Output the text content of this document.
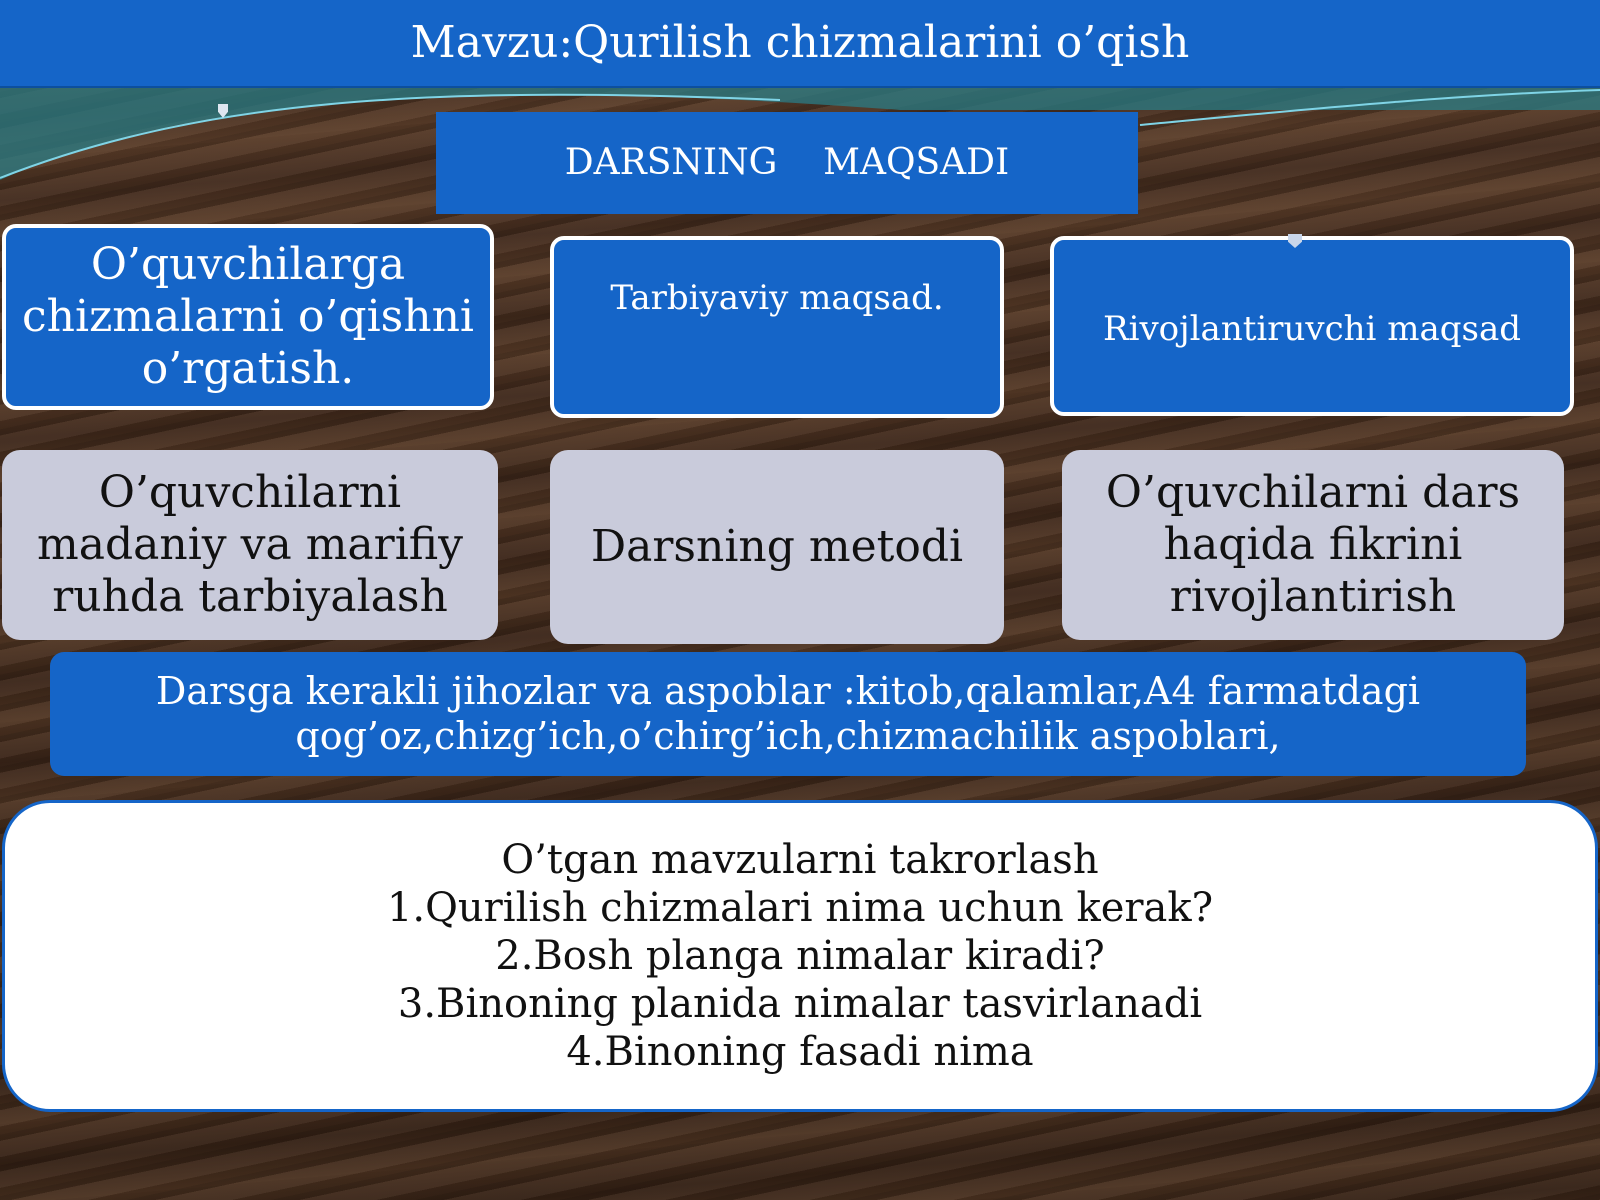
Mavzu:Qurilish chizmalarini o’qish
DARSNING    MAQSADI
O’quvchilarga chizmalarni o’qishni o’rgatish.
Tarbiyaviy maqsad.
Rivojlantiruvchi maqsad
O’quvchilarni madaniy va marifiy ruhda tarbiyalash
Darsning metodi
O’quvchilarni dars haqida fikrini rivojlantirish
Darsga kerakli jihozlar va aspoblar :kitob,qalamlar,A4 farmatdagi qog’oz,chizg’ich,o’chirg’ich,chizmachilik aspoblari,
O’tgan mavzularni takrorlash
1.Qurilish chizmalari nima uchun kerak?
2.Bosh planga nimalar kiradi?
3.Binoning planida nimalar tasvirlanadi
4.Binoning fasadi nima
